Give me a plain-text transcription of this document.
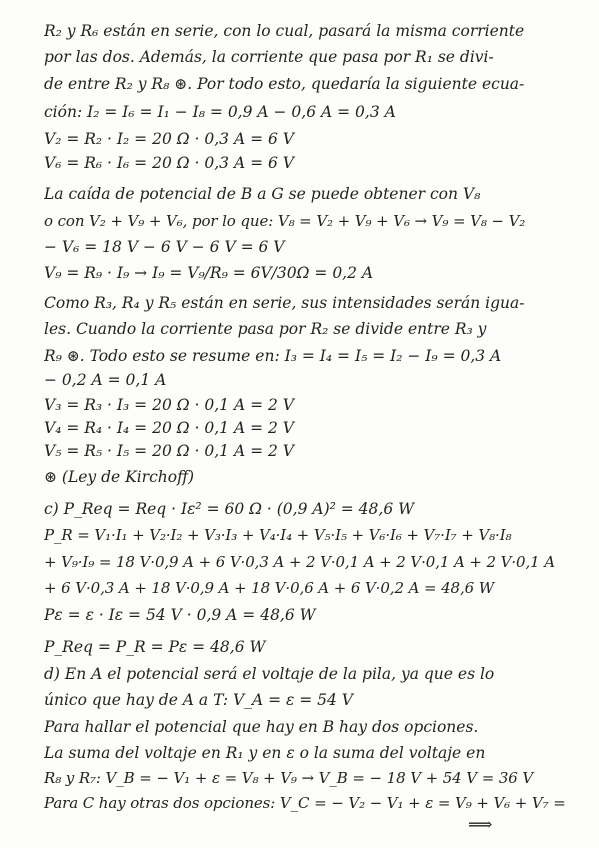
R₂ y R₆ están en serie, con lo cual, pasará la misma corriente
por las dos. Además, la corriente que pasa por R₁ se divi-
de entre R₂ y R₈ ⊛. Por todo esto, quedaría la siguiente ecua-
ción: I₂ = I₆ = I₁ − I₈ = 0,9 A − 0,6 A = 0,3 A
V₂ = R₂ · I₂ = 20 Ω · 0,3 A = 6 V
V₆ = R₆ · I₆ = 20 Ω · 0,3 A = 6 V
La caída de potencial de B a G se puede obtener con V₈
o con V₂ + V₉ + V₆, por lo que: V₈ = V₂ + V₉ + V₆ → V₉ = V₈ − V₂
− V₆ = 18 V − 6 V − 6 V = 6 V
V₉ = R₉ · I₉ → I₉ = V₉/R₉ = 6V/30Ω = 0,2 A
Como R₃, R₄ y R₅ están en serie, sus intensidades serán igua-
les. Cuando la corriente pasa por R₂ se divide entre R₃ y
R₉ ⊛. Todo esto se resume en: I₃ = I₄ = I₅ = I₂ − I₉ = 0,3 A
− 0,2 A = 0,1 A
V₃ = R₃ · I₃ = 20 Ω · 0,1 A = 2 V
V₄ = R₄ · I₄ = 20 Ω · 0,1 A = 2 V
V₅ = R₅ · I₅ = 20 Ω · 0,1 A = 2 V
⊛ (Ley de Kirchoff)
c) P_Req = Req · Iε² = 60 Ω · (0,9 A)² = 48,6 W
P_R = V₁·I₁ + V₂·I₂ + V₃·I₃ + V₄·I₄ + V₅·I₅ + V₆·I₆ + V₇·I₇ + V₈·I₈
+ V₉·I₉ = 18 V·0,9 A + 6 V·0,3 A + 2 V·0,1 A + 2 V·0,1 A + 2 V·0,1 A
+ 6 V·0,3 A + 18 V·0,9 A + 18 V·0,6 A + 6 V·0,2 A = 48,6 W
Pε = ε · Iε = 54 V · 0,9 A = 48,6 W
P_Req = P_R = Pε = 48,6 W
d) En A el potencial será el voltaje de la pila, ya que es lo
único que hay de A a T: V_A = ε = 54 V
Para hallar el potencial que hay en B hay dos opciones.
La suma del voltaje en R₁ y en ε o la suma del voltaje en
R₈ y R₇: V_B = − V₁ + ε = V₈ + V₉ → V_B = − 18 V + 54 V = 36 V
Para C hay otras dos opciones: V_C = − V₂ − V₁ + ε = V₉ + V₆ + V₇ =
⟹
